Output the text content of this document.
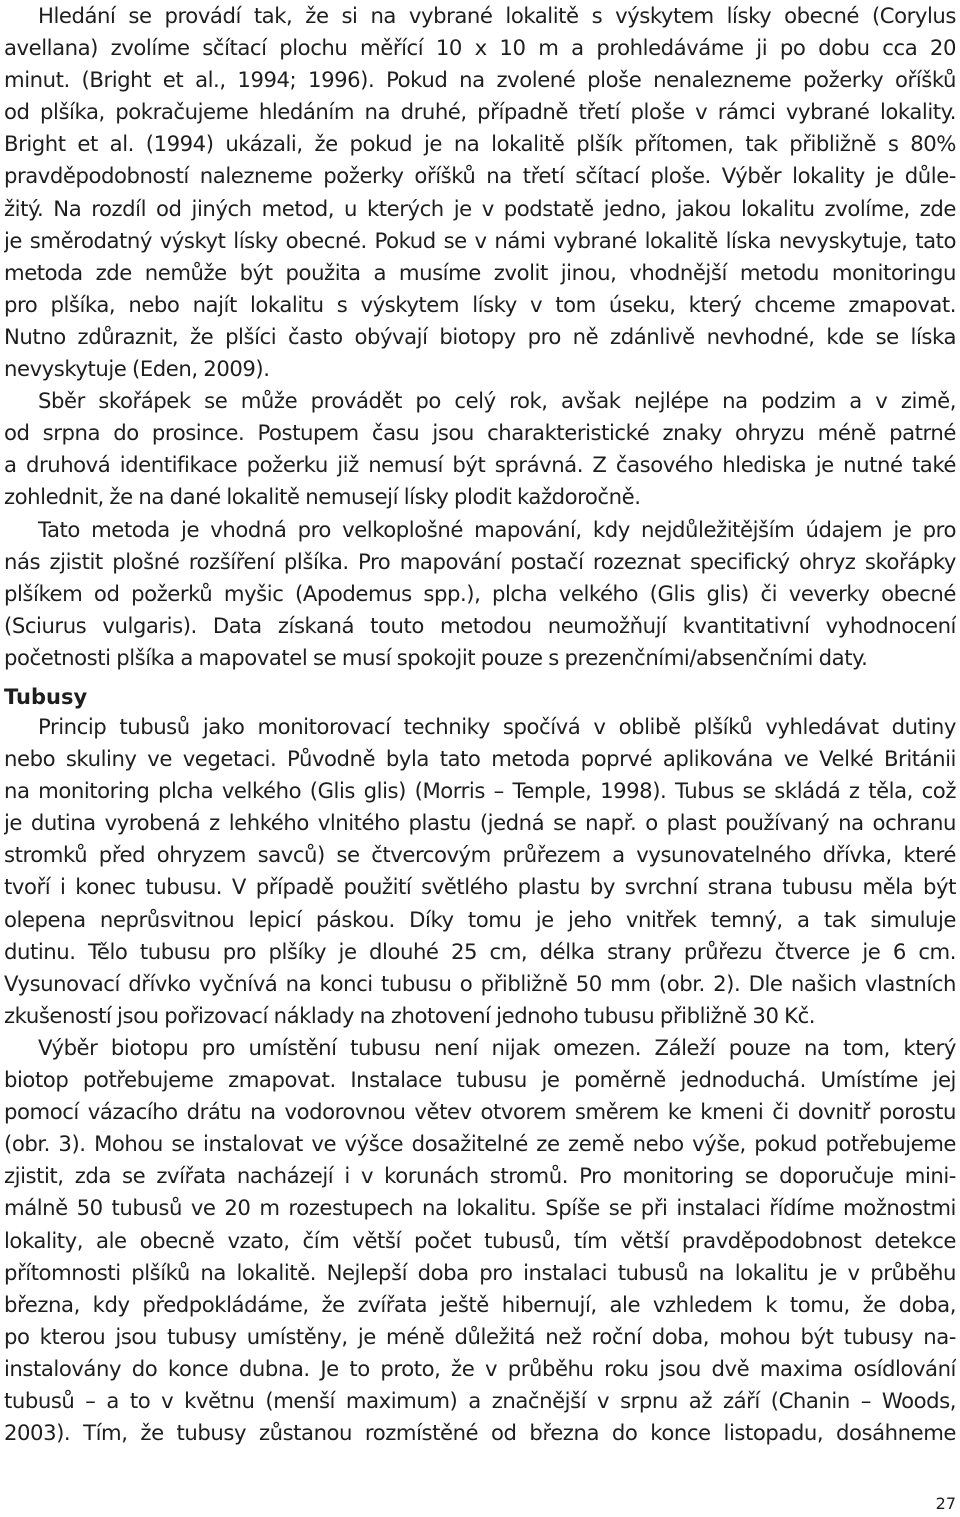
Hledání se provádí tak, že si na vybrané lokalitě s výskytem lísky obecné (Corylus
avellana) zvolíme sčítací plochu měřící 10 x 10 m a prohledáváme ji po dobu cca 20
minut. (Bright et al., 1994; 1996). Pokud na zvolené ploše nenalezneme požerky oříšků
od plšíka, pokračujeme hledáním na druhé, případně třetí ploše v rámci vybrané lokality.
Bright et al. (1994) ukázali, že pokud je na lokalitě plšík přítomen, tak přibližně s 80%
pravděpodobností nalezneme požerky oříšků na třetí sčítací ploše. Výběr lokality je důle-
žitý. Na rozdíl od jiných metod, u kterých je v podstatě jedno, jakou lokalitu zvolíme, zde
je směrodatný výskyt lísky obecné. Pokud se v námi vybrané lokalitě líska nevyskytuje, tato
metoda zde nemůže být použita a musíme zvolit jinou, vhodnější metodu monitoringu
pro plšíka, nebo najít lokalitu s výskytem lísky v tom úseku, který chceme zmapovat.
Nutno zdůraznit, že plšíci často obývají biotopy pro ně zdánlivě nevhodné, kde se líska
nevyskytuje (Eden, 2009).
Sběr skořápek se může provádět po celý rok, avšak nejlépe na podzim a v zimě,
od srpna do prosince. Postupem času jsou charakteristické znaky ohryzu méně patrné
a druhová identifikace požerku již nemusí být správná. Z časového hlediska je nutné také
zohlednit, že na dané lokalitě nemusejí lísky plodit každoročně.
Tato metoda je vhodná pro velkoplošné mapování, kdy nejdůležitějším údajem je pro
nás zjistit plošné rozšíření plšíka. Pro mapování postačí rozeznat specifický ohryz skořápky
plšíkem od požerků myšic (Apodemus spp.), plcha velkého (Glis glis) či veverky obecné
(Sciurus vulgaris). Data získaná touto metodou neumožňují kvantitativní vyhodnocení
početnosti plšíka a mapovatel se musí spokojit pouze s prezenčními/absenčními daty.
Tubusy
Princip tubusů jako monitorovací techniky spočívá v oblibě plšíků vyhledávat dutiny
nebo skuliny ve vegetaci. Původně byla tato metoda poprvé aplikována ve Velké Británii
na monitoring plcha velkého (Glis glis) (Morris – Temple, 1998). Tubus se skládá z těla, což
je dutina vyrobená z lehkého vlnitého plastu (jedná se např. o plast používaný na ochranu
stromků před ohryzem savců) se čtvercovým průřezem a vysunovatelného dřívka, které
tvoří i konec tubusu. V případě použití světlého plastu by svrchní strana tubusu měla být
olepena neprůsvitnou lepicí páskou. Díky tomu je jeho vnitřek temný, a tak simuluje
dutinu. Tělo tubusu pro plšíky je dlouhé 25 cm, délka strany průřezu čtverce je 6 cm.
Vysunovací dřívko vyčnívá na konci tubusu o přibližně 50 mm (obr. 2). Dle našich vlastních
zkušeností jsou pořizovací náklady na zhotovení jednoho tubusu přibližně 30 Kč.
Výběr biotopu pro umístění tubusu není nijak omezen. Záleží pouze na tom, který
biotop potřebujeme zmapovat. Instalace tubusu je poměrně jednoduchá. Umístíme jej
pomocí vázacího drátu na vodorovnou větev otvorem směrem ke kmeni či dovnitř porostu
(obr. 3). Mohou se instalovat ve výšce dosažitelné ze země nebo výše, pokud potřebujeme
zjistit, zda se zvířata nacházejí i v korunách stromů. Pro monitoring se doporučuje mini-
málně 50 tubusů ve 20 m rozestupech na lokalitu. Spíše se při instalaci řídíme možnostmi
lokality, ale obecně vzato, čím větší počet tubusů, tím větší pravděpodobnost detekce
přítomnosti plšíků na lokalitě. Nejlepší doba pro instalaci tubusů na lokalitu je v průběhu
března, kdy předpokládáme, že zvířata ještě hibernují, ale vzhledem k tomu, že doba,
po kterou jsou tubusy umístěny, je méně důležitá než roční doba, mohou být tubusy na-
instalovány do konce dubna. Je to proto, že v průběhu roku jsou dvě maxima osídlování
tubusů – a to v květnu (menší maximum) a značnější v srpnu až září (Chanin – Woods,
2003). Tím, že tubusy zůstanou rozmístěné od března do konce listopadu, dosáhneme
27
